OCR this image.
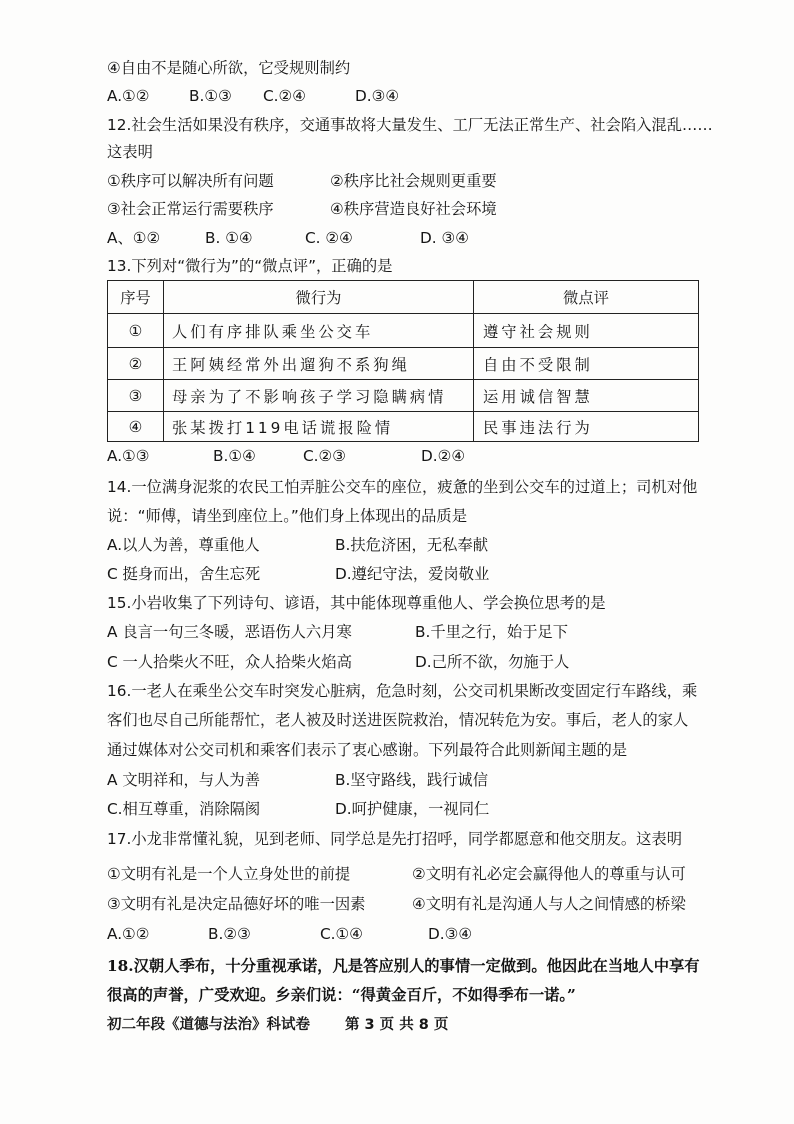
④自由不是随心所欲，它受规则制约
A.①②	B.①③ C.②④	D.③④
12.社会生活如果没有秩序，交通事故将大量发生、工厂无法正常生产、社会陷入混乱……
这表明
①秩序可以解决所有问题	②秩序比社会规则更重要
③社会正常运行需要秩序	④秩序营造良好社会环境
A、①②	B. ①④	C. ②④	D. ③④
13.下列对“微行为”的“微点评”，正确的是
序号	微行为	微点评
①	人们有序排队乘坐公交车	遵守社会规则
②	王阿姨经常外出遛狗不系狗绳	自由不受限制
③	母亲为了不影响孩子学习隐瞒病情	运用诚信智慧
④	张某拨打119电话谎报险情	民事违法行为
A.①③	B.①④	C.②③	D.②④
14.一位满身泥浆的农民工怕弄脏公交车的座位，疲惫的坐到公交车的过道上；司机对他
说：“师傅，请坐到座位上。”他们身上体现出的品质是
A.以人为善，尊重他人	B.扶危济困，无私奉献
C 挺身而出，舍生忘死	D.遵纪守法，爱岗敬业
15.小岩收集了下列诗句、谚语，其中能体现尊重他人、学会换位思考的是
A 良言一句三冬暖，恶语伤人六月寒	B.千里之行，始于足下
C 一人拾柴火不旺，众人拾柴火焰高	D.己所不欲，勿施于人
16.一老人在乘坐公交车时突发心脏病，危急时刻，公交司机果断改变固定行车路线，乘
客们也尽自己所能帮忙，老人被及时送进医院救治，情况转危为安。事后，老人的家人
通过媒体对公交司机和乘客们表示了衷心感谢。下列最符合此则新闻主题的是
A 文明祥和，与人为善	B.坚守路线，践行诚信
C.相互尊重，消除隔阂	D.呵护健康，一视同仁
17.小龙非常懂礼貌，见到老师、同学总是先打招呼，同学都愿意和他交朋友。这表明
①文明有礼是一个人立身处世的前提	②文明有礼必定会赢得他人的尊重与认可
③文明有礼是决定品德好坏的唯一因素	④文明有礼是沟通人与人之间情感的桥梁
A.①②	B.②③	C.①④	D.③④
18.汉朝人季布，十分重视承诺，凡是答应别人的事情一定做到。他因此在当地人中享有
很高的声誉，广受欢迎。乡亲们说：“得黄金百斤，不如得季布一诺。”
初二年段《道德与法治》科试卷 第 3 页 共 8 页
